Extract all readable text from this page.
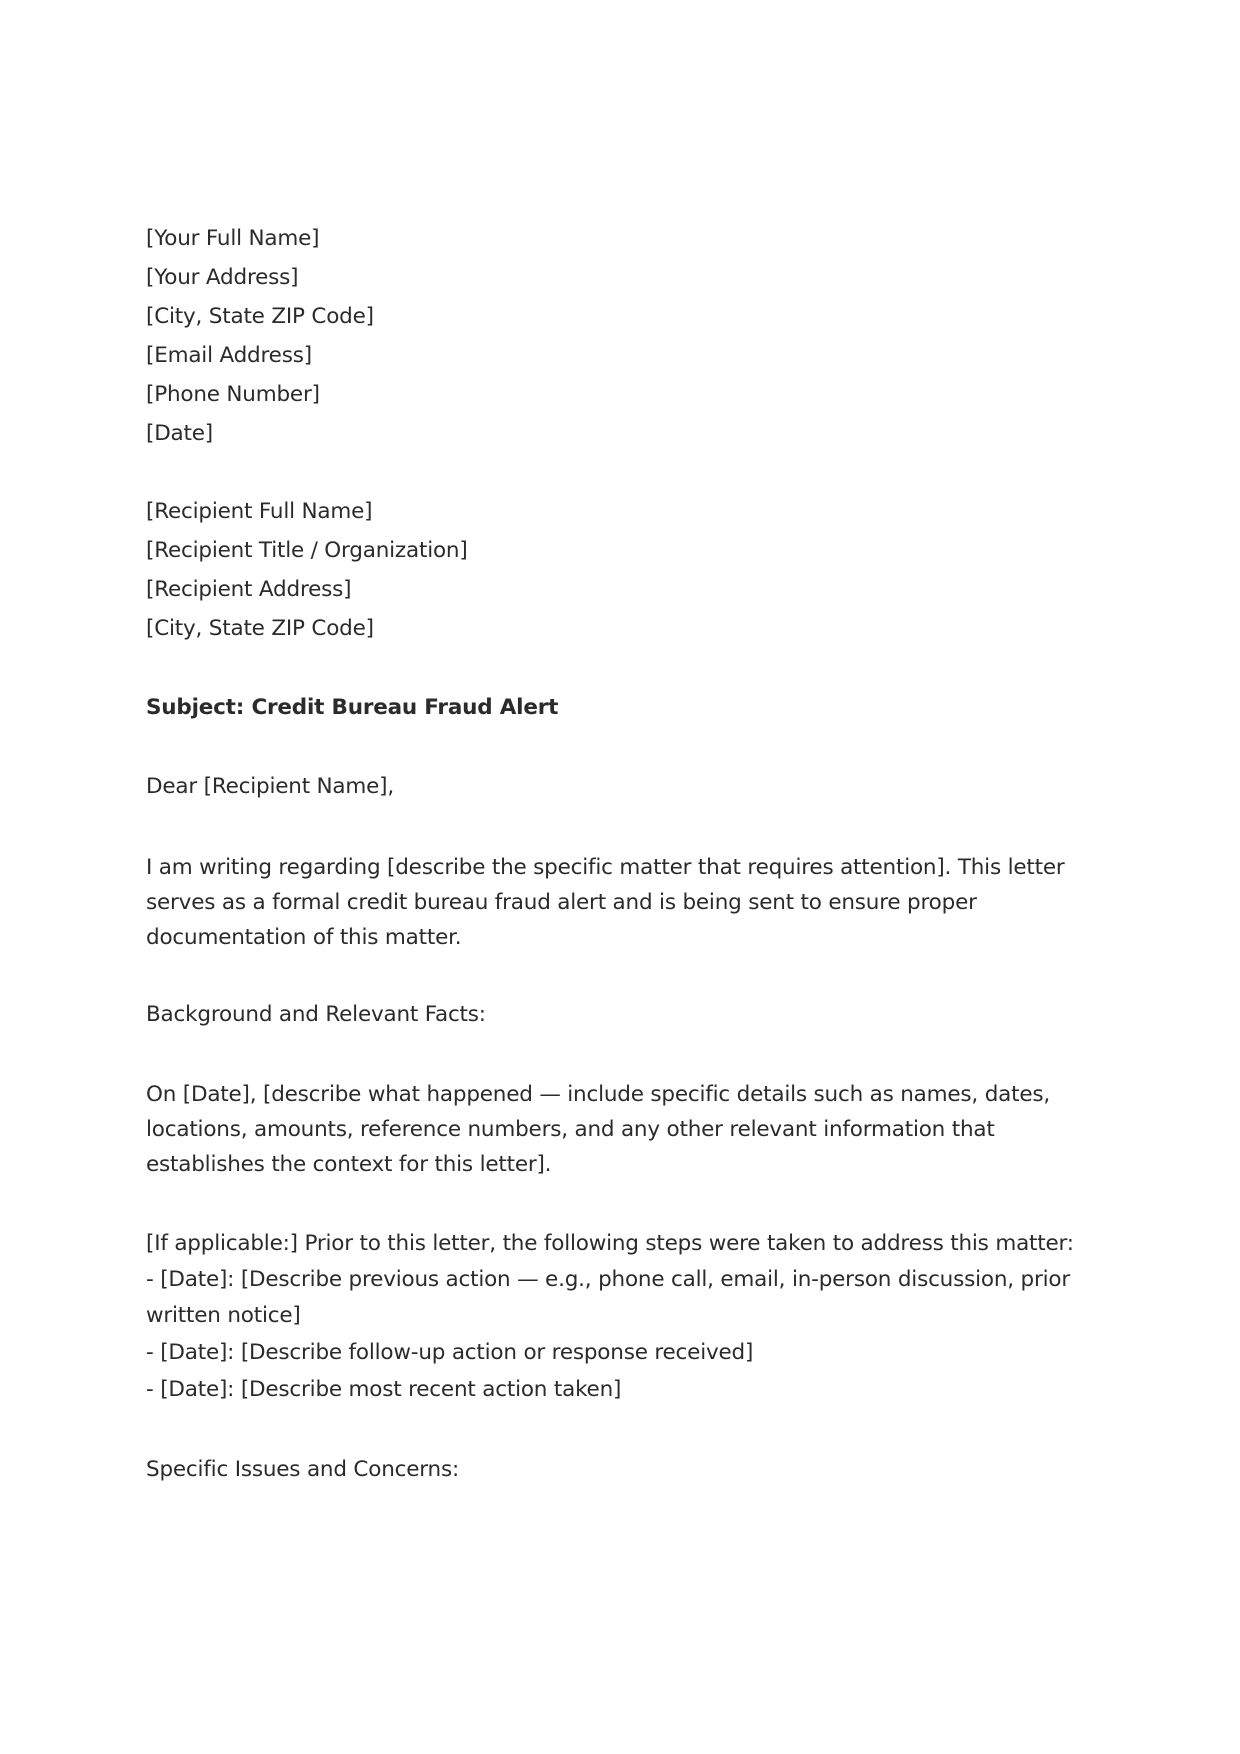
[Your Full Name]
[Your Address]
[City, State ZIP Code]
[Email Address]
[Phone Number]
[Date]
[Recipient Full Name]
[Recipient Title / Organization]
[Recipient Address]
[City, State ZIP Code]
Subject: Credit Bureau Fraud Alert
Dear [Recipient Name],
I am writing regarding [describe the specific matter that requires attention]. This letter serves as a formal credit bureau fraud alert and is being sent to ensure proper documentation of this matter.
Background and Relevant Facts:
On [Date], [describe what happened — include specific details such as names, dates, locations, amounts, reference numbers, and any other relevant information that establishes the context for this letter].
[If applicable:] Prior to this letter, the following steps were taken to address this matter:
- [Date]: [Describe previous action — e.g., phone call, email, in-person discussion, prior written notice]
- [Date]: [Describe follow-up action or response received]
- [Date]: [Describe most recent action taken]
Specific Issues and Concerns:
